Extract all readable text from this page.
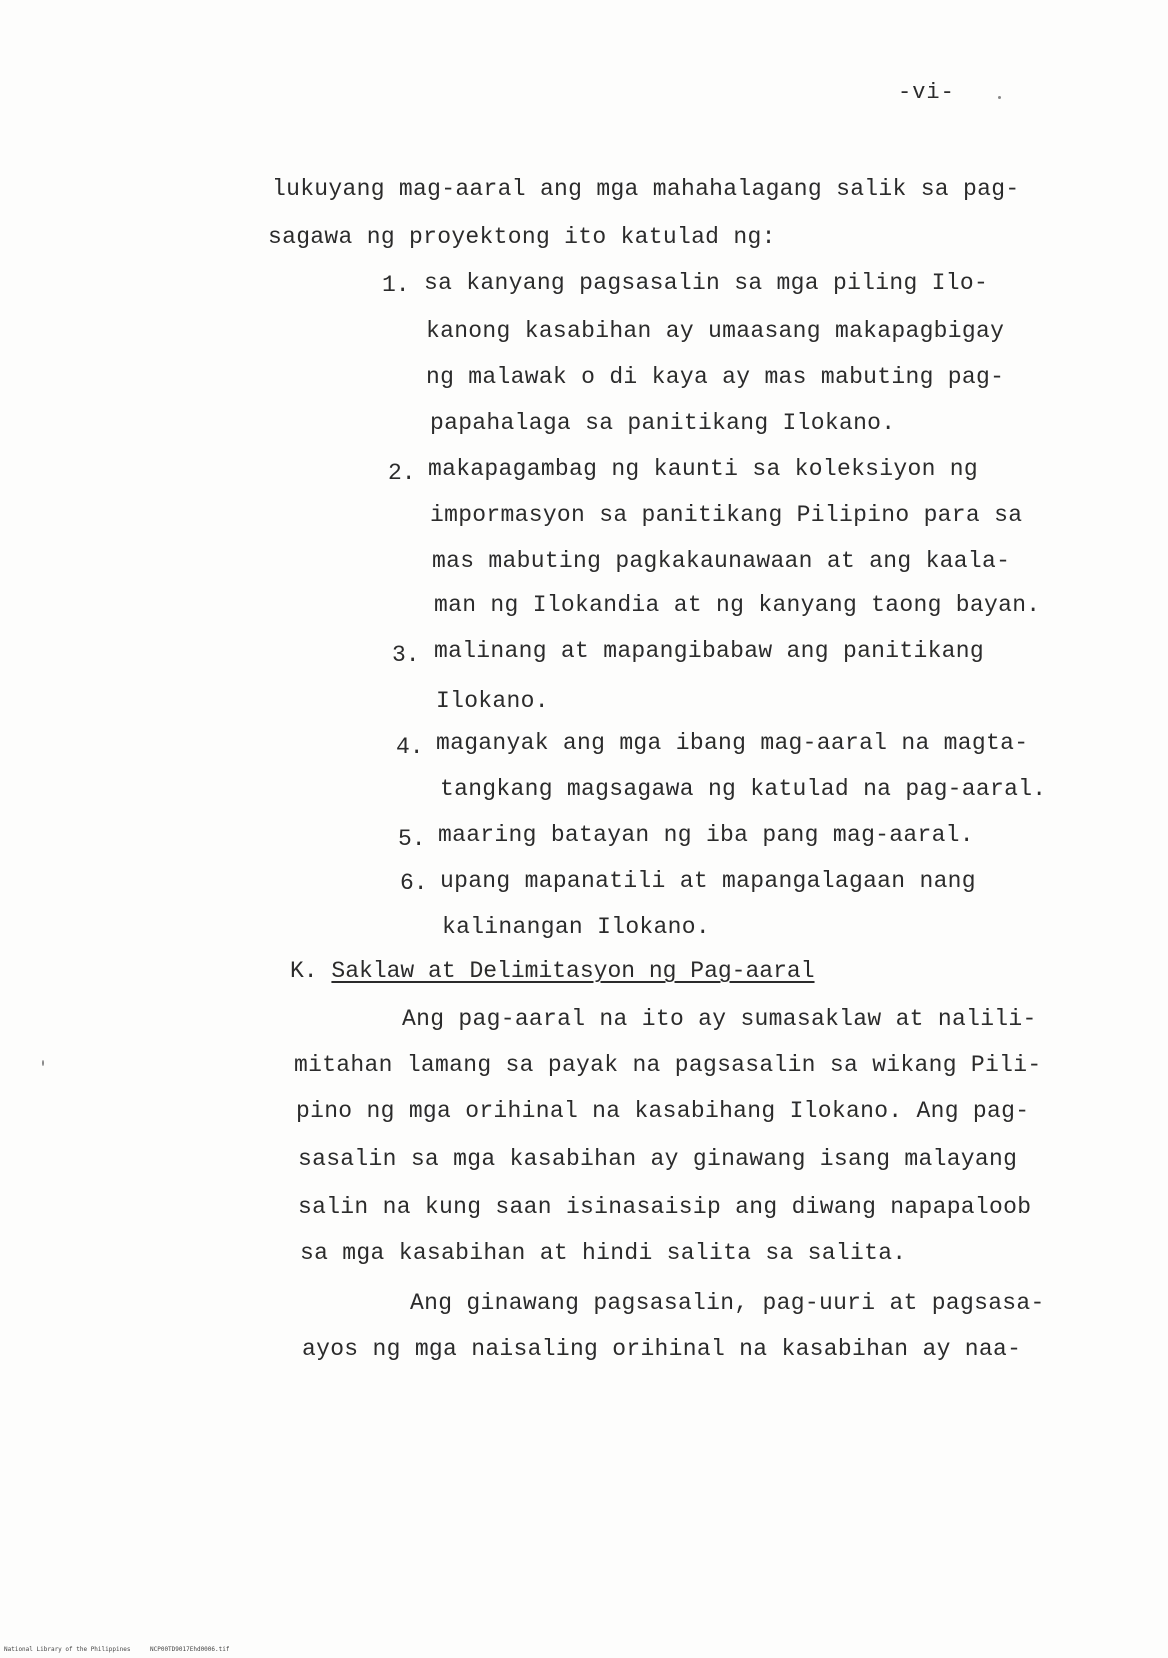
-vi-
lukuyang mag-aaral ang mga mahahalagang salik sa pag-
sagawa ng proyektong ito katulad ng:
1. sa kanyang pagsasalin sa mga piling Ilo-
kanong kasabihan ay umaasang makapagbigay
ng malawak o di kaya ay mas mabuting pag-
papahalaga sa panitikang Ilokano.
2. makapagambag ng kaunti sa koleksiyon ng
impormasyon sa panitikang Pilipino para sa
mas mabuting pagkakaunawaan at ang kaala-
man ng Ilokandia at ng kanyang taong bayan.
3. malinang at mapangibabaw ang panitikang
Ilokano.
4. maganyak ang mga ibang mag-aaral na magta-
tangkang magsagawa ng katulad na pag-aaral.
5. maaring batayan ng iba pang mag-aaral.
6. upang mapanatili at mapangalagaan nang
kalinangan Ilokano.
K. Saklaw at Delimitasyon ng Pag-aaral
Ang pag-aaral na ito ay sumasaklaw at nalili-
mitahan lamang sa payak na pagsasalin sa wikang Pili-
pino ng mga orihinal na kasabihang Ilokano. Ang pag-
sasalin sa mga kasabihan ay ginawang isang malayang
salin na kung saan isinasaisip ang diwang napapaloob
sa mga kasabihan at hindi salita sa salita.
Ang ginawang pagsasalin, pag-uuri at pagsasa-
ayos ng mga naisaling orihinal na kasabihan ay naa-
National Library of the Philippines	NCP00TD9017Ehd0006.tif
